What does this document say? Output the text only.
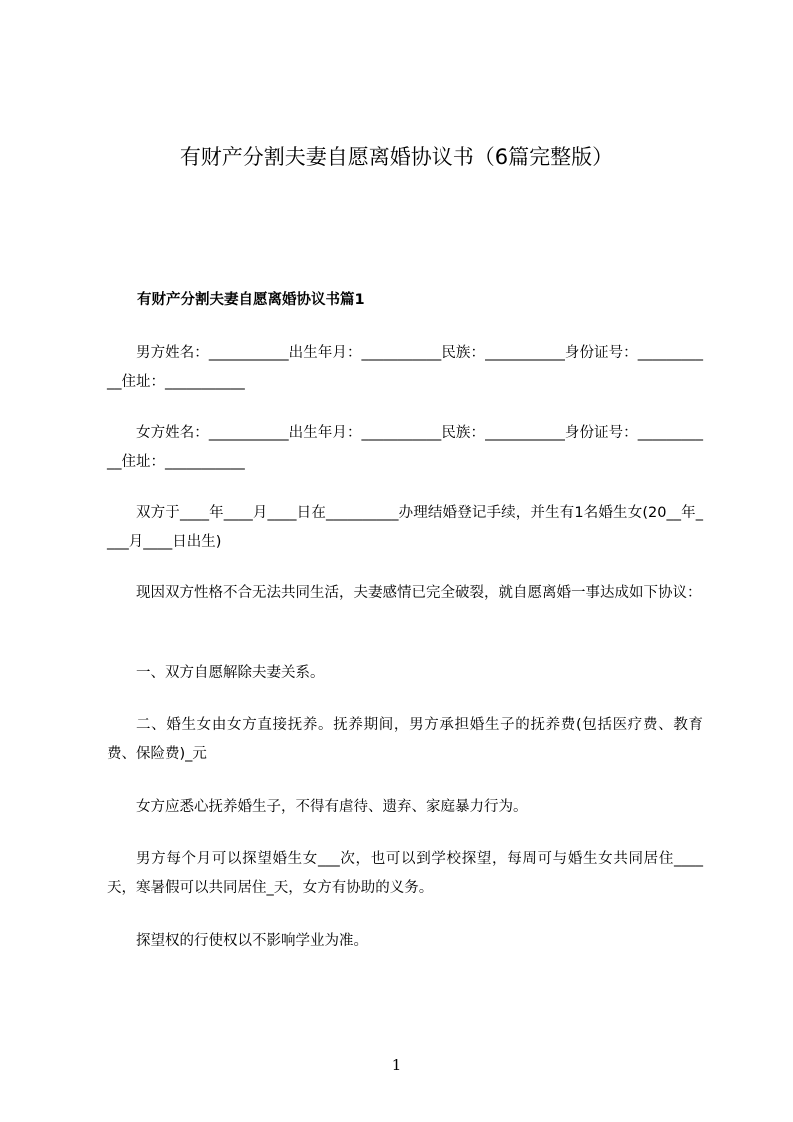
有财产分割夫妻自愿离婚协议书（6篇完整版）
有财产分割夫妻自愿离婚协议书篇1
男方姓名：___________出生年月：___________民族：___________身份证号：___________住址：___________
女方姓名：___________出生年月：___________民族：___________身份证号：___________住址：___________
双方于____年____月____日在__________办理结婚登记手续，并生有1名婚生女(20__年____月____日出生)
现因双方性格不合无法共同生活，夫妻感情已完全破裂，就自愿离婚一事达成如下协议：
一、双方自愿解除夫妻关系。
二、婚生女由女方直接抚养。抚养期间，男方承担婚生子的抚养费(包括医疗费、教育费、保险费)_元
女方应悉心抚养婚生子，不得有虐待、遗弃、家庭暴力行为。
男方每个月可以探望婚生女___次，也可以到学校探望，每周可与婚生女共同居住____天，寒暑假可以共同居住_天，女方有协助的义务。
探望权的行使权以不影响学业为准。
1
